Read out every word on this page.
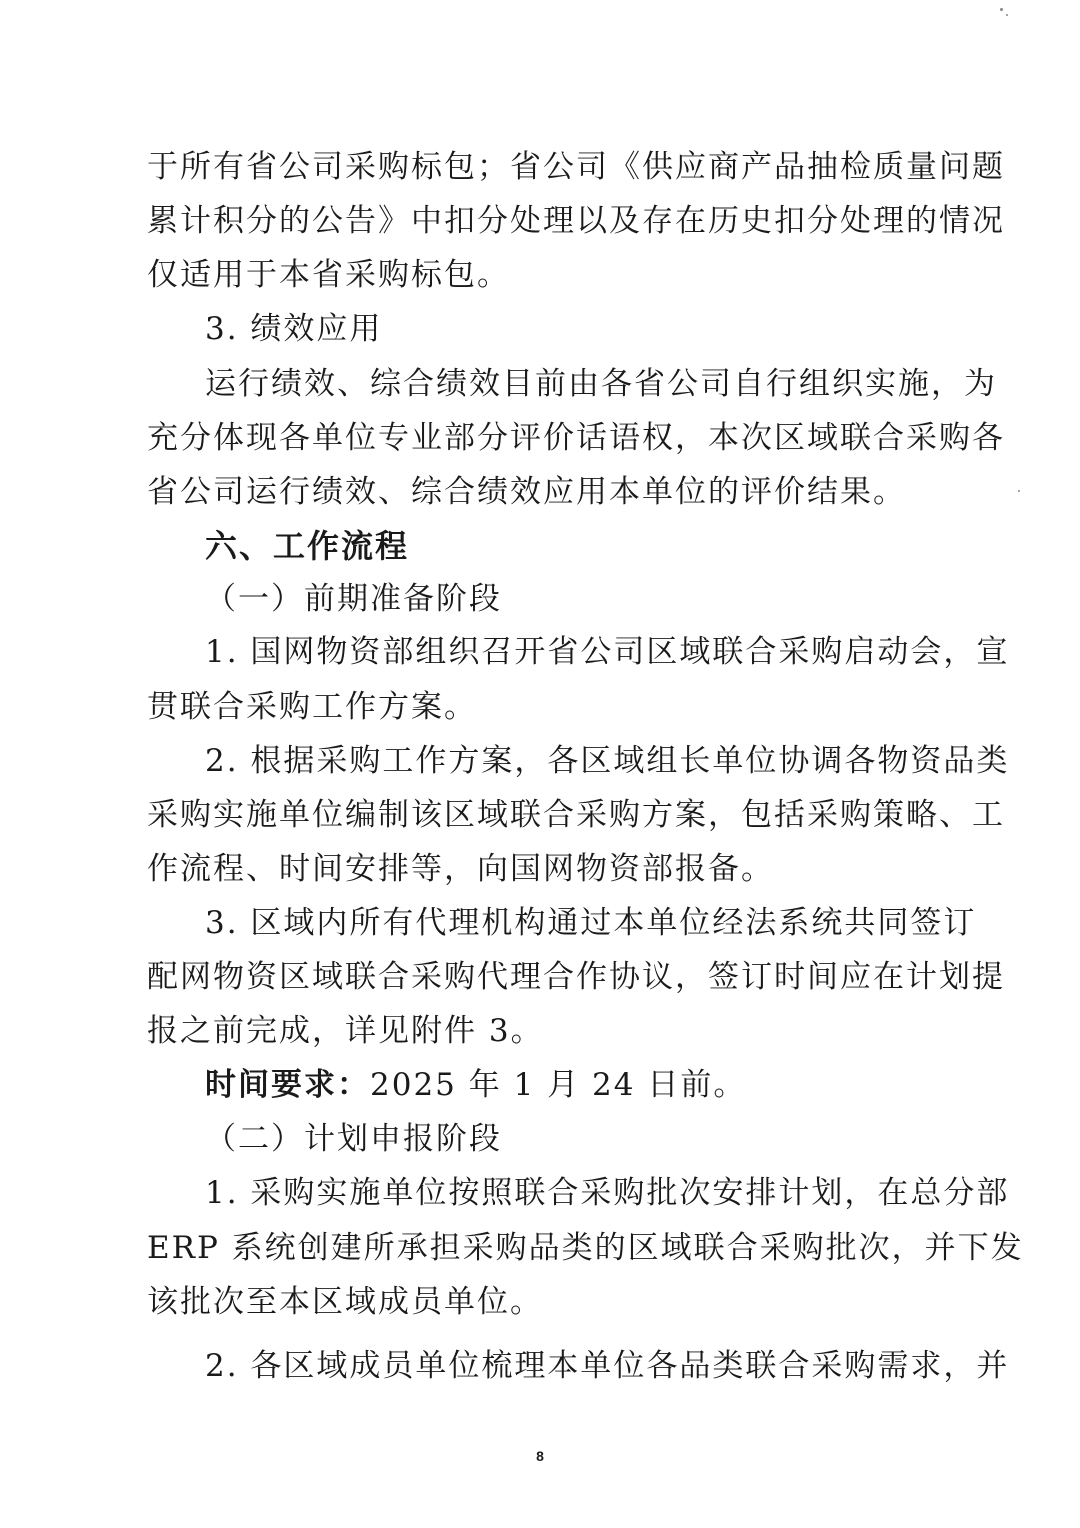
于所有省公司采购标包；省公司《供应商产品抽检质量问题
累计积分的公告》中扣分处理以及存在历史扣分处理的情况
仅适用于本省采购标包。
3. 绩效应用
运行绩效、综合绩效目前由各省公司自行组织实施，为
充分体现各单位专业部分评价话语权，本次区域联合采购各
省公司运行绩效、综合绩效应用本单位的评价结果。
六、工作流程
（一）前期准备阶段
1. 国网物资部组织召开省公司区域联合采购启动会，宣
贯联合采购工作方案。
2. 根据采购工作方案，各区域组长单位协调各物资品类
采购实施单位编制该区域联合采购方案，包括采购策略、工
作流程、时间安排等，向国网物资部报备。
3. 区域内所有代理机构通过本单位经法系统共同签订
配网物资区域联合采购代理合作协议，签订时间应在计划提
报之前完成，详见附件 3。
时间要求：2025 年 1 月 24 日前。
（二）计划申报阶段
1. 采购实施单位按照联合采购批次安排计划，在总分部
ERP 系统创建所承担采购品类的区域联合采购批次，并下发
该批次至本区域成员单位。
2. 各区域成员单位梳理本单位各品类联合采购需求，并
8
